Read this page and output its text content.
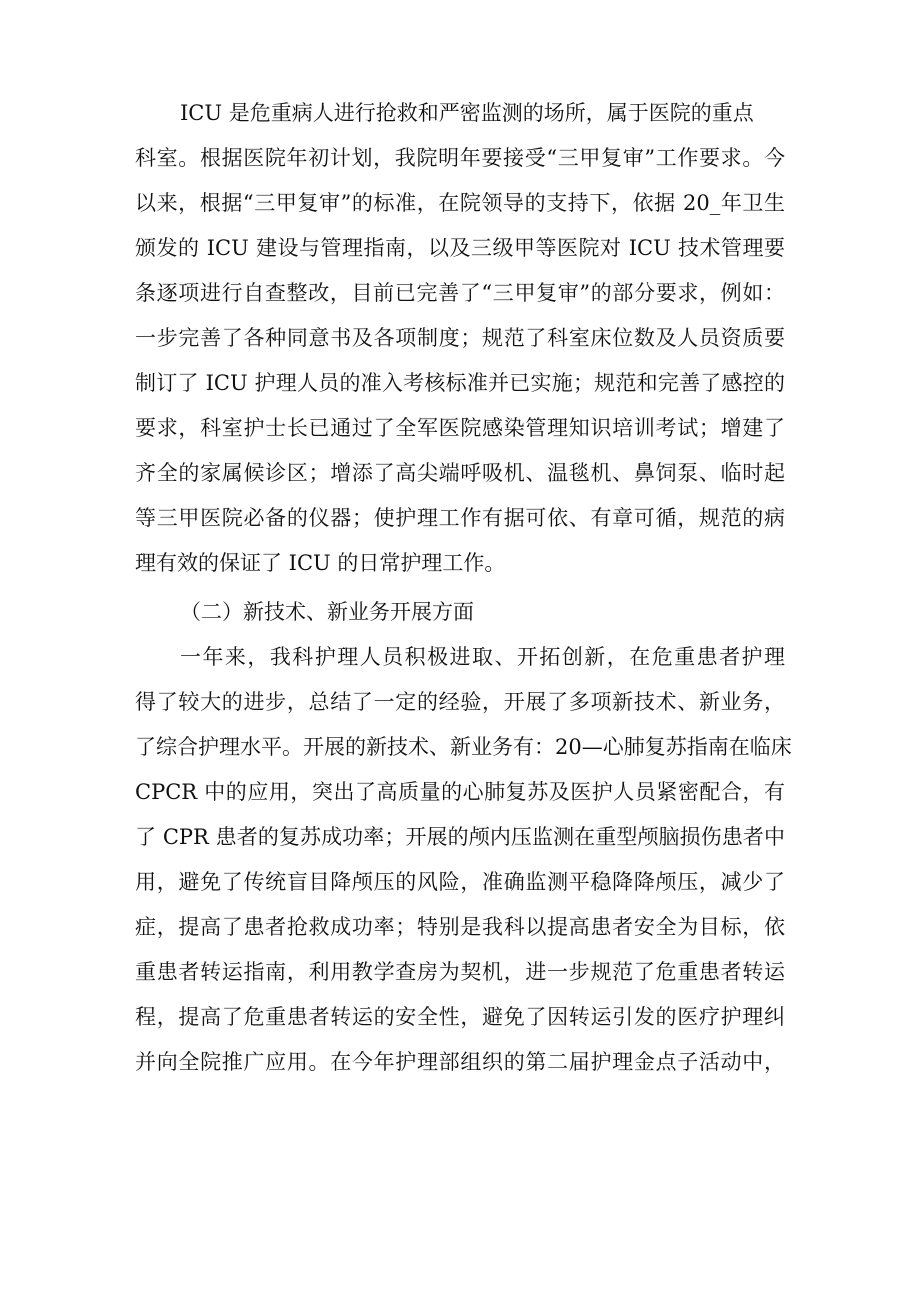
ICU 是危重病人进行抢救和严密监测的场所，属于医院的重点
科室。根据医院年初计划，我院明年要接受“三甲复审”工作要求。今
以来，根据“三甲复审”的标准，在院领导的支持下，依据 20_年卫生
颁发的 ICU 建设与管理指南，以及三级甲等医院对 ICU 技术管理要
条逐项进行自查整改，目前已完善了“三甲复审”的部分要求，例如：
一步完善了各种同意书及各项制度；规范了科室床位数及人员资质要
制订了 ICU 护理人员的准入考核标准并已实施；规范和完善了感控的
要求，科室护士长已通过了全军医院感染管理知识培训考试；增建了
齐全的家属候诊区；增添了高尖端呼吸机、温毯机、鼻饲泵、临时起
等三甲医院必备的仪器；使护理工作有据可依、有章可循，规范的病
理有效的保证了 ICU 的日常护理工作。
（二）新技术、新业务开展方面
一年来，我科护理人员积极进取、开拓创新，在危重患者护理
得了较大的进步，总结了一定的经验，开展了多项新技术、新业务，
了综合护理水平。开展的新技术、新业务有：20—心肺复苏指南在临床
CPCR 中的应用，突出了高质量的心肺复苏及医护人员紧密配合，有
了 CPR 患者的复苏成功率；开展的颅内压监测在重型颅脑损伤患者中
用，避免了传统盲目降颅压的风险，准确监测平稳降降颅压，减少了
症，提高了患者抢救成功率；特别是我科以提高患者安全为目标，依
重患者转运指南，利用教学查房为契机，进一步规范了危重患者转运
程，提高了危重患者转运的安全性，避免了因转运引发的医疗护理纠
并向全院推广应用。在今年护理部组织的第二届护理金点子活动中，
